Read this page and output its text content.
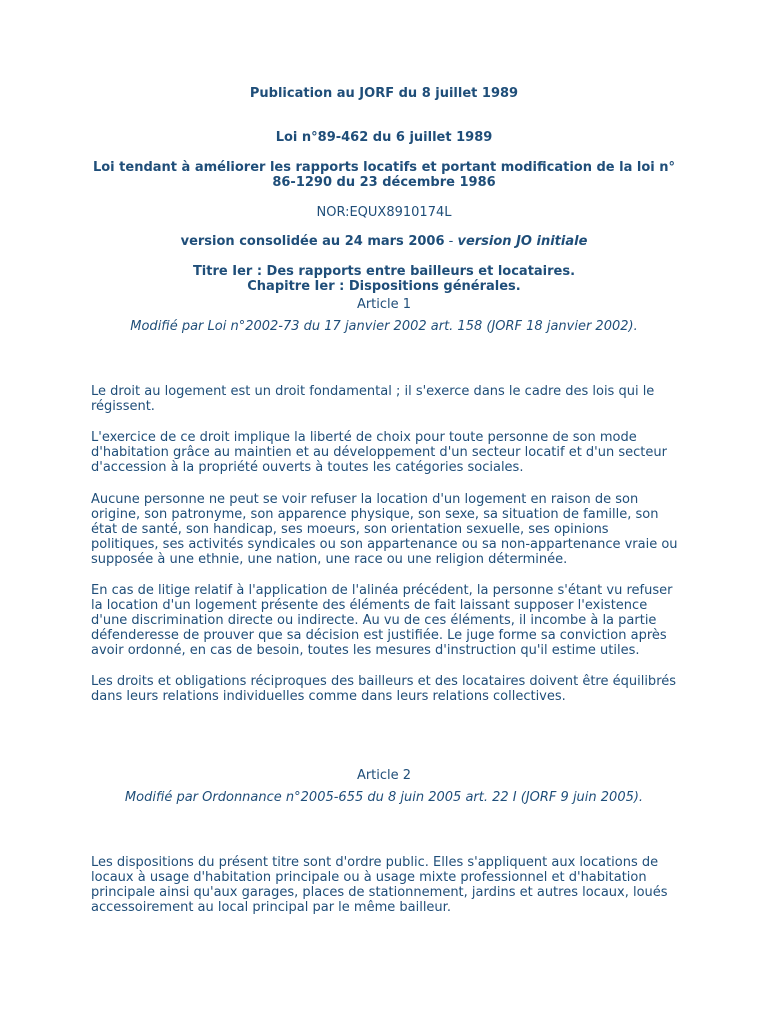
Publication au JORF du 8 juillet 1989
Loi n°89-462 du 6 juillet 1989
Loi tendant à améliorer les rapports locatifs et portant modification de la loi n°
86-1290 du 23 décembre 1986
NOR:EQUX8910174L
version consolidée au 24 mars 2006 - version JO initiale
Titre Ier : Des rapports entre bailleurs et locataires.
Chapitre Ier : Dispositions générales.
Article 1
Modifié par Loi n°2002-73 du 17 janvier 2002 art. 158 (JORF 18 janvier 2002).
Le droit au logement est un droit fondamental ; il s'exerce dans le cadre des lois qui le
régissent.
L'exercice de ce droit implique la liberté de choix pour toute personne de son mode
d'habitation grâce au maintien et au développement d'un secteur locatif et d'un secteur
d'accession à la propriété ouverts à toutes les catégories sociales.
Aucune personne ne peut se voir refuser la location d'un logement en raison de son
origine, son patronyme, son apparence physique, son sexe, sa situation de famille, son
état de santé, son handicap, ses moeurs, son orientation sexuelle, ses opinions
politiques, ses activités syndicales ou son appartenance ou sa non-appartenance vraie ou
supposée à une ethnie, une nation, une race ou une religion déterminée.
En cas de litige relatif à l'application de l'alinéa précédent, la personne s'étant vu refuser
la location d'un logement présente des éléments de fait laissant supposer l'existence
d'une discrimination directe ou indirecte. Au vu de ces éléments, il incombe à la partie
défenderesse de prouver que sa décision est justifiée. Le juge forme sa conviction après
avoir ordonné, en cas de besoin, toutes les mesures d'instruction qu'il estime utiles.
Les droits et obligations réciproques des bailleurs et des locataires doivent être équilibrés
dans leurs relations individuelles comme dans leurs relations collectives.
Article 2
Modifié par Ordonnance n°2005-655 du 8 juin 2005 art. 22 I (JORF 9 juin 2005).
Les dispositions du présent titre sont d'ordre public. Elles s'appliquent aux locations de
locaux à usage d'habitation principale ou à usage mixte professionnel et d'habitation
principale ainsi qu'aux garages, places de stationnement, jardins et autres locaux, loués
accessoirement au local principal par le même bailleur.
